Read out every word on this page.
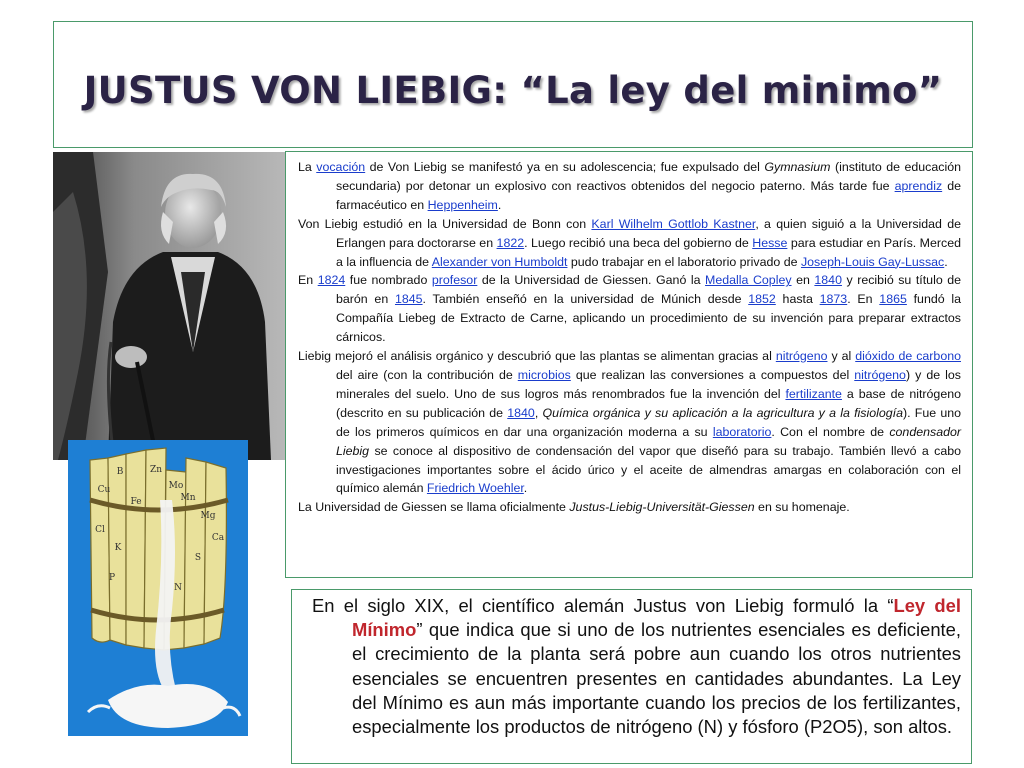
JUSTUS VON LIEBIG: “La ley del minimo”
B	Zn
Mo
Cu
Mn
Fe
Mg
Cl
Ca
K
S
P
N

La vocación de Von Liebig se manifestó ya en su adolescencia; fue expulsado del Gymnasium (instituto de educación secundaria) por detonar un explosivo con reactivos obtenidos del negocio paterno. Más tarde fue aprendiz de farmacéutico en Heppenheim.

Von Liebig estudió en la Universidad de Bonn con Karl Wilhelm Gottlob Kastner, a quien siguió a la Universidad de Erlangen para doctorarse en 1822. Luego recibió una beca del gobierno de Hesse para estudiar en París. Merced a la influencia de Alexander von Humboldt pudo trabajar en el laboratorio privado de Joseph-Louis Gay-Lussac.

En 1824 fue nombrado profesor de la Universidad de Giessen. Ganó la Medalla Copley en 1840 y recibió su título de barón en 1845. También enseñó en la universidad de Múnich desde 1852 hasta 1873. En 1865 fundó la Compañía Liebeg de Extracto de Carne, aplicando un procedimiento de su invención para preparar extractos cárnicos.

Liebig mejoró el análisis orgánico y descubrió que las plantas se alimentan gracias al nitrógeno y al dióxido de carbono del aire (con la contribución de microbios que realizan las conversiones a compuestos del nitrógeno) y de los minerales del suelo. Uno de sus logros más renombrados fue la invención del fertilizante a base de nitrógeno (descrito en su publicación de 1840, Química orgánica y su aplicación a la agricultura y a la fisiología). Fue uno de los primeros químicos en dar una organización moderna a su laboratorio. Con el nombre de condensador Liebig se conoce al dispositivo de condensación del vapor que diseñó para su trabajo. También llevó a cabo investigaciones importantes sobre el ácido úrico y el aceite de almendras amargas en colaboración con el químico alemán Friedrich Woehler.

La Universidad de Giessen se llama oficialmente Justus-Liebig-Universität-Giessen en su homenaje.

En el siglo XIX, el científico alemán Justus von Liebig formuló la “Ley del Mínimo” que indica que si uno de los nutrientes esenciales es deficiente, el crecimiento de la planta será pobre aun cuando los otros nutrientes esenciales se encuentren presentes en cantidades abundantes. La Ley del Mínimo es aun más importante cuando los precios de los fertilizantes, especialmente los productos de nitrógeno (N) y fósforo (P2O5), son altos.
